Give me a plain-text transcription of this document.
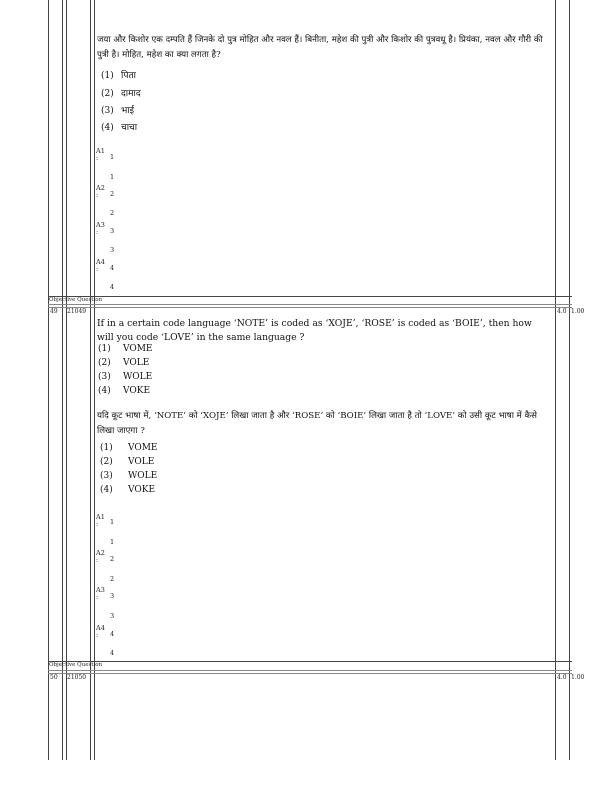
जया और किशोर एक दम्पति हैं जिनके दो पुत्र मोहित और नवल हैं। बिनीता, महेश की पुत्री और किशोर की पुत्रवधू है। प्रियंका, नवल और गौरी की पुत्री है। मोहित, महेश का क्या लगता है?
(1) पिता
(2) दामाद
(3) भाई
(4) चाचा
A1
:	1
1
A2
:	2
2
A3
:	3
3
A4
:	4
4
Objective Question
49 21049	4.0 1.00
If in a certain code language ‘NOTE’ is coded as ‘XOJE’, ‘ROSE’ is coded as ‘BOIE’, then how will you code ‘LOVE’ in the same language ?
(1) VOME
(2) VOLE
(3) WOLE
(4) VOKE
यदि कूट भाषा में, ‘NOTE’ को ‘XOJE’ लिखा जाता है और ‘ROSE’ को ‘BOIE’ लिखा जाता है तो ‘LOVE’ को उसी कूट भाषा में कैसे लिखा जाएगा ?
(1) VOME
(2) VOLE
(3) WOLE
(4) VOKE
A1
:	1
1
A2
:	2
2
A3
:	3
3
A4
:	4
4
Objective Question
50 21050	4.0 1.00
